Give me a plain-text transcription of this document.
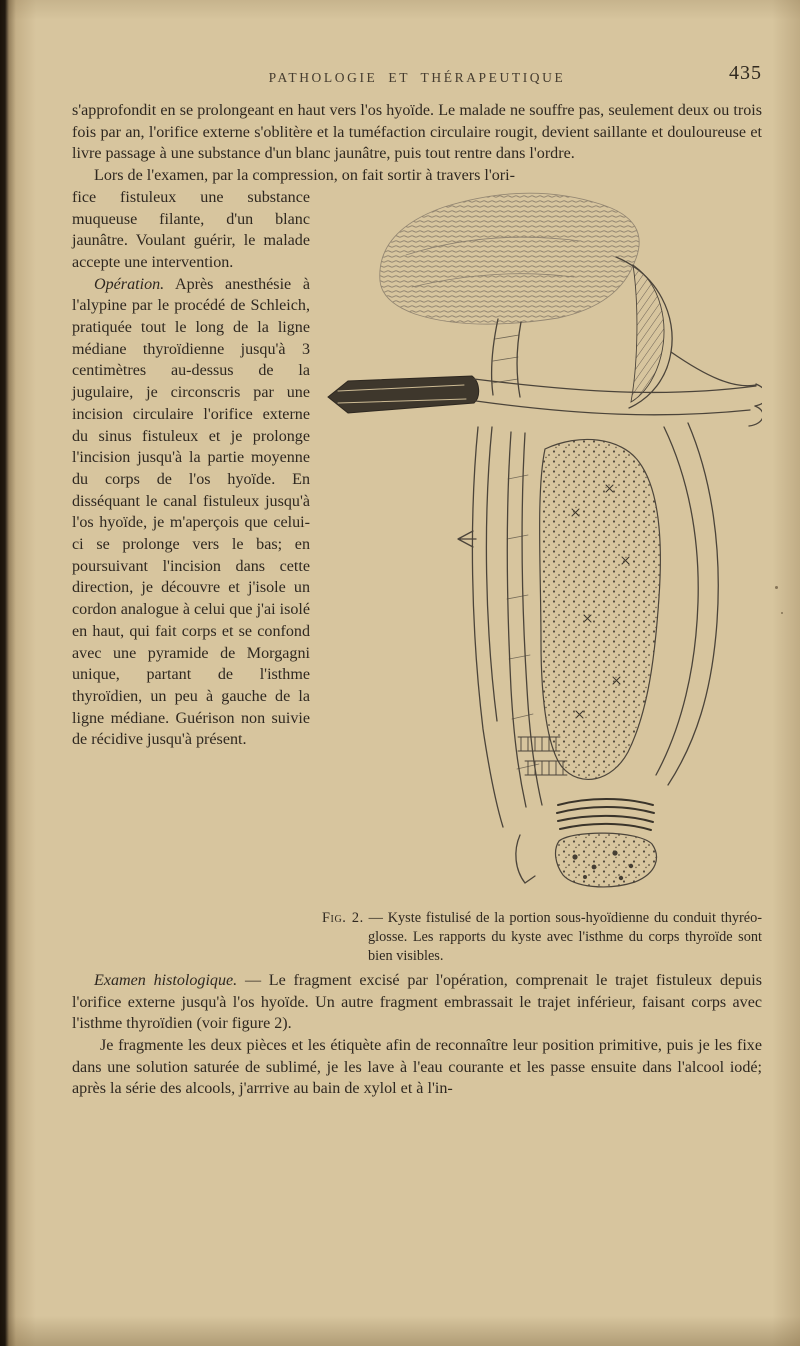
PATHOLOGIE ET THÉRAPEUTIQUE	435

s'approfondit en se prolongeant en haut vers l'os hyoïde. Le malade ne souffre pas, seulement deux ou trois fois par an, l'orifice externe s'oblitère et la tuméfaction circulaire rougit, devient saillante et douloureuse et livre passage à une substance d'un blanc jaunâtre, puis tout rentre dans l'ordre.

Lors de l'examen, par la compression, on fait sortir à travers l'ori-

Fig. 2. — Kyste fistulisé de la portion sous-hyoïdienne du conduit thyréo-glosse. Les rapports du kyste avec l'isthme du corps thyroïde sont bien visibles.

fice fistuleux une substance muqueuse filante, d'un blanc jaunâtre. Voulant guérir, le malade accepte une intervention.

Opération. Après anesthésie à l'alypine par le procédé de Schleich, pratiquée tout le long de la ligne médiane thyroïdienne jusqu'à 3 centimètres au-dessus de la jugulaire, je circonscris par une incision circulaire l'orifice externe du sinus fistuleux et je prolonge l'incision jusqu'à la partie moyenne du corps de l'os hyoïde. En disséquant le canal fistuleux jusqu'à l'os hyoïde, je m'aperçois que celui-ci se prolonge vers le bas; en poursuivant l'incision dans cette direction, je découvre et j'isole un cordon analogue à celui que j'ai isolé en haut, qui fait corps et se confond avec une pyramide de Morgagni unique, partant de l'isthme thyroïdien, un peu à gauche de la ligne médiane. Guérison non suivie de récidive jusqu'à présent.

Examen histologique. — Le fragment excisé par l'opération, comprenait le trajet fistuleux depuis l'orifice externe jusqu'à l'os hyoïde. Un autre fragment embrassait le trajet inférieur, faisant corps avec l'isthme thyroïdien (voir figure 2).

Je fragmente les deux pièces et les étiquète afin de reconnaître leur position primitive, puis je les fixe dans une solution saturée de sublimé, je les lave à l'eau courante et les passe ensuite dans l'alcool iodé; après la série des alcools, j'arrrive au bain de xylol et à l'in-
